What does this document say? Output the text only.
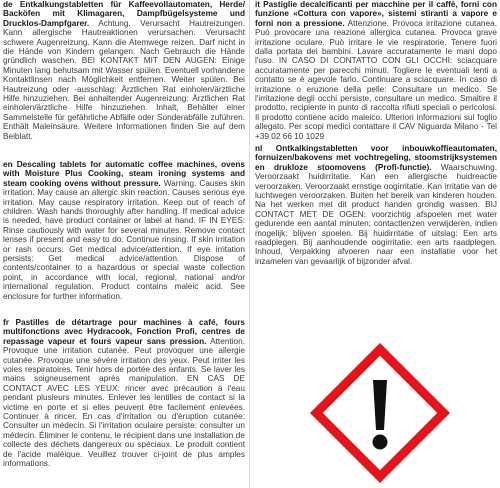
de Entkalkungstabletten für Kaffeevollautomaten, Herde/ Backöfen mit Klimagaren, Dampfbügelsysteme und Drucklos-Dampfgarer. Achtung. Verursacht Hautreizungen. Kann allergische Hautreaktionen verursachen. Verursacht schwere Augenreizung. Kann die Atemwege reizen. Darf nicht in die Hände von Kindern gelangen. Nach Gebrauch die Hände gründlich waschen. BEI KONTAKT MIT DEN AUGEN: Einige Minuten lang behutsam mit Wasser spülen. Eventuell vorhandene Kontaktlinsen nach Möglichkeit entfernen. Weiter spülen. Bei Hautreizung oder -ausschlag: Ärztlichen Rat einholen/ärztliche Hilfe hinzuziehen. Bei anhaltender Augenreizung: Ärztlichen Rat einholen/ärztliche Hilfe hinzuziehen. Inhalt, Behälter einer Sammelstelle für gefährliche Abfälle oder Sonderabfälle zuführen. Enthält Maleinsäure. Weitere Informationen finden Sie auf dem Beiblatt.

en Descaling tablets for automatic coffee machines, ovens with Moisture Plus Cooking, steam ironing systems and steam cooking ovens without pressure. Warning. Causes skin irritation. May cause an allergic skin reaction. Causes serious eye irritation. May cause respiratory irritation. Keep out of reach of children. Wash hands thoroughly after handling. If medical advice is needed, have product container or label at hand. IF IN EYES: Rinse cautiously with water for several minutes. Remove contact lenses if present and easy to do. Continue rinsing. If skin irritation or rash occurs: Get medical advice/attention. If eye irritation persists: Get medical advice/attention. Dispose of contents/container to a hazardous or special waste collection point, in accordance with local, regional, national and/or international regulation. Product contains maleic acid. See enclosure for further information.

fr Pastilles de détartrage pour machines à café, fours multifonctions avec Hydracook, Fonction Profi, centres de repassage vapeur et fours vapeur sans pression. Attention. Provoque une irritation cutanée. Peut provoquer une allergie cutanée. Provoque une sévère irritation des yeux. Peut irriter les voies respiratoires. Tenir hors de portée des enfants. Se laver les mains soigneusement après manipulation. EN CAS DE CONTACT AVEC LES YEUX: rincer avec précaution à l'eau pendant plusieurs minutes. Enlever les lentilles de contact si la victime en porte et si elles peuvent être facilement enlevées. Continuer à rincer. En cas d'irritation ou d'éruption cutanée: Consulter un médecin. Si l'irritation oculaire persiste: consulter un médecin. Éliminer le contenu, le récipient dans une installation de collecte des déchets dangereux ou spéciaux. Le produit contient de l'acide maléique. Veuillez trouver ci-joint de plus amples informations.

it Pastiglie decalcificanti per macchine per il caffè, forni con funzione «Cottura con vapore», sistemi stiranti a vapore e forni non a pressione. Attenzione. Provoca irritazione cutanea. Può provocare una reazione allergica cutanea. Provoca grave irritazione oculare. Può irritare le vie respiratorie. Tenere fuori dalla portata dei bambini. Lavare accuratamente le mani dopo l'uso. IN CASO DI CONTATTO CON GLI OCCHI: sciacquare accuratamente per parecchi minuti. Togliere le eventuali lenti a contatto se è agevole farlo. Continuare a sciacquare. In caso di irritazione o eruzione della pelle: Consultare un medico. Se l'irritazione degli occhi persiste, consultare un medico. Smaltire il prodotto, recipiente in punto di raccolta rifiuti speciali o pericolosi. Il prodotto contiene acido maleico. Ulteriori informazioni sul foglio allegato. Per scopi medici contattare il CAV Niguarda Milano - Tel +39 02 66 10 1029

nl Ontkalkingstabletten voor inbouwkoffieautomaten, fornuizen/bakovens met vochtregeling, stoomstrijksystemen en drukloze stoomovens (Profi-functie). Waarschuwing. Veroorzaakt huidirritatie. Kan een allergische huidreactie veroorzaken. Veroorzaakt ernstige oogirritatie. Kan irritatie van de luchtwegen veroorzaken. Buiten het bereik van kinderen houden. Na het werken met dit product handen grondig wassen. BIJ CONTACT MET DE OGEN: voorzichtig afspoelen met water gedurende een aantal minuten; contactlenzen verwijderen, indien mogelijk; blijven spoelen. Bij huidirritatie of uitslag: Een arts raadplegen. Bij aanhoudende oogirritatie: een arts raadplegen. Inhoud, Verpakking afvoeren naar een installatie voor het inzamelen van gevaarlijk of bijzonder afval.
